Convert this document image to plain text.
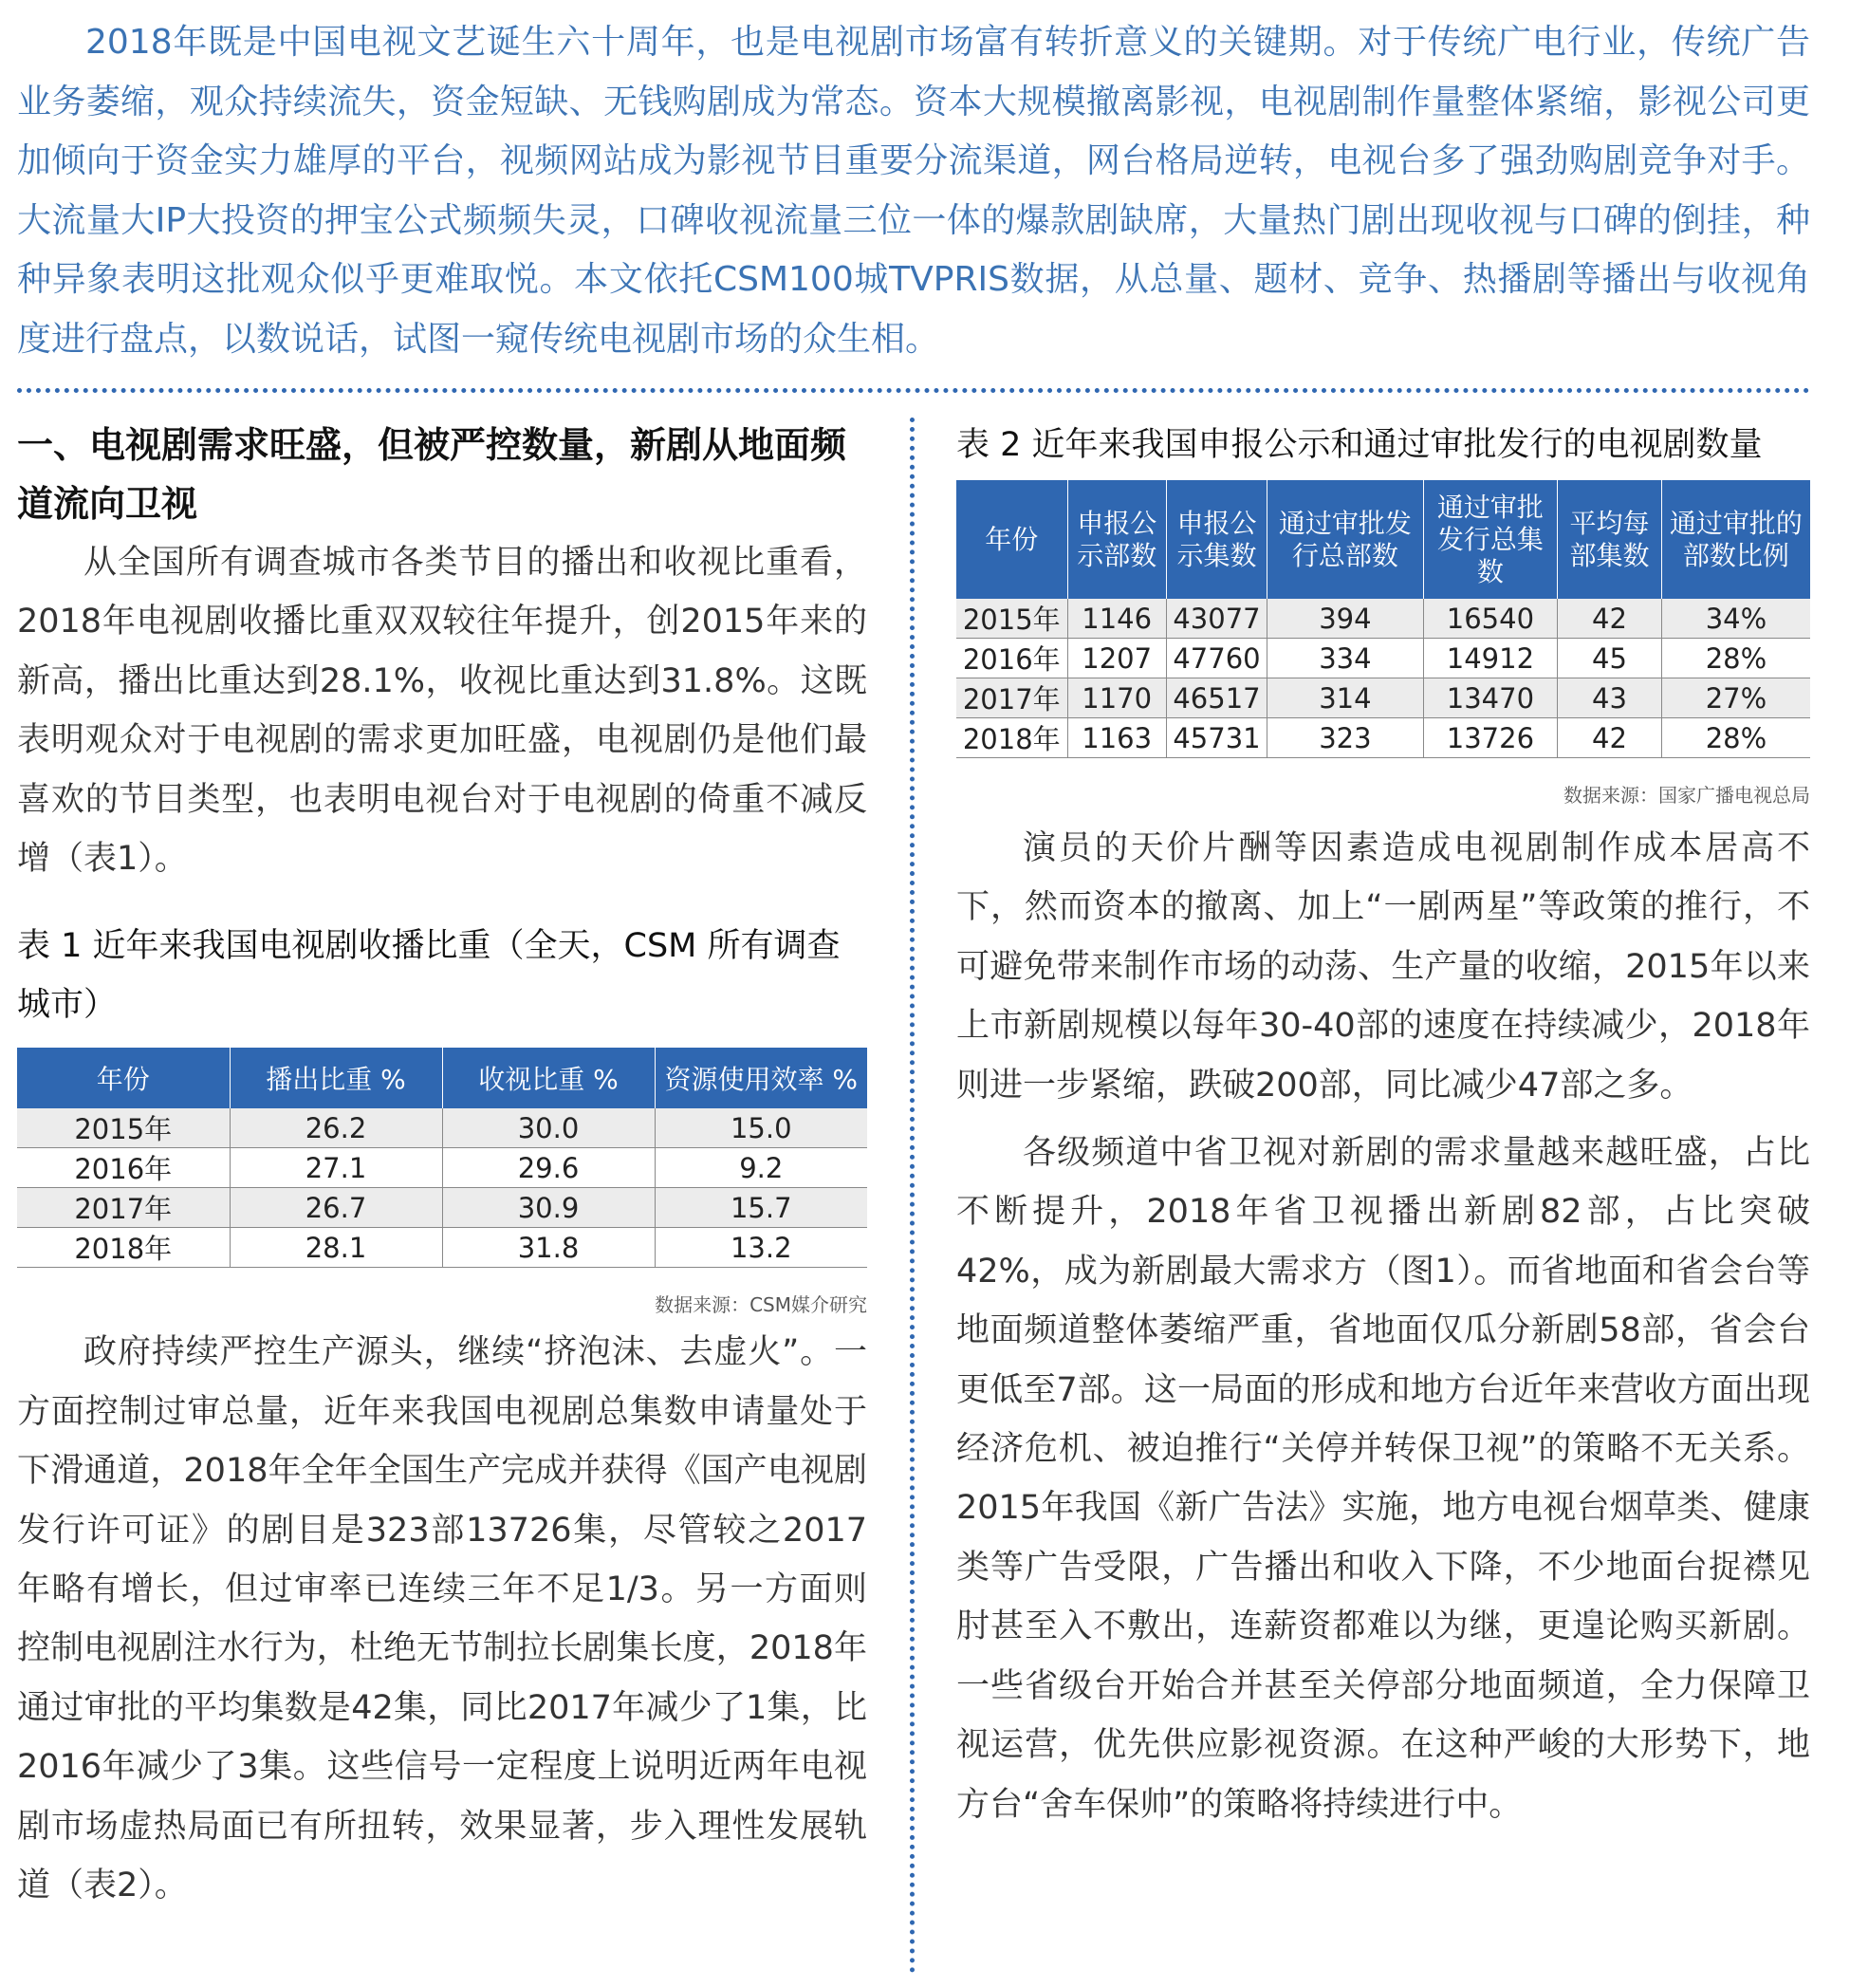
2018年既是中国电视文艺诞生六十周年，也是电视剧市场富有转折意义的关键期。对于传统广电行业，传统广告业务萎缩，观众持续流失，资金短缺、无钱购剧成为常态。资本大规模撤离影视，电视剧制作量整体紧缩，影视公司更加倾向于资金实力雄厚的平台，视频网站成为影视节目重要分流渠道，网台格局逆转，电视台多了强劲购剧竞争对手。大流量大IP大投资的押宝公式频频失灵，口碑收视流量三位一体的爆款剧缺席，大量热门剧出现收视与口碑的倒挂，种种异象表明这批观众似乎更难取悦。本文依托CSM100城TVPRIS数据，从总量、题材、竞争、热播剧等播出与收视角度进行盘点，以数说话，试图一窥传统电视剧市场的众生相。

一、电视剧需求旺盛，但被严控数量，新剧从地面频道流向卫视

从全国所有调查城市各类节目的播出和收视比重看，2018年电视剧收播比重双双较往年提升，创2015年来的新高，播出比重达到28.1%，收视比重达到31.8%。这既表明观众对于电视剧的需求更加旺盛，电视剧仍是他们最喜欢的节目类型，也表明电视台对于电视剧的倚重不减反增（表1）。

表 1 近年来我国电视剧收播比重（全天，CSM 所有调查城市）

年份	播出比重 %	收视比重 %	资源使用效率 %
2015年	26.2	30.0	15.0
2016年	27.1	29.6	9.2
2017年	26.7	30.9	15.7
2018年	28.1	31.8	13.2

数据来源：CSM媒介研究

政府持续严控生产源头，继续“挤泡沫、去虚火”。一方面控制过审总量，近年来我国电视剧总集数申请量处于下滑通道，2018年全年全国生产完成并获得《国产电视剧发行许可证》的剧目是323部13726集，尽管较之2017年略有增长，但过审率已连续三年不足1/3。另一方面则控制电视剧注水行为，杜绝无节制拉长剧集长度，2018年通过审批的平均集数是42集，同比2017年减少了1集，比2016年减少了3集。这些信号一定程度上说明近两年电视剧市场虚热局面已有所扭转，效果显著，步入理性发展轨道（表2）。

表 2 近年来我国申报公示和通过审批发行的电视剧数量

年份	申报公示部数	申报公示集数	通过审批发行总部数	通过审批发行总集数	平均每部集数	通过审批的部数比例
2015年	1146	43077	394	16540	42	34%
2016年	1207	47760	334	14912	45	28%
2017年	1170	46517	314	13470	43	27%
2018年	1163	45731	323	13726	42	28%

数据来源：国家广播电视总局

演员的天价片酬等因素造成电视剧制作成本居高不下，然而资本的撤离、加上“一剧两星”等政策的推行，不可避免带来制作市场的动荡、生产量的收缩，2015年以来上市新剧规模以每年30-40部的速度在持续减少，2018年则进一步紧缩，跌破200部，同比减少47部之多。

各级频道中省卫视对新剧的需求量越来越旺盛，占比不断提升，2018年省卫视播出新剧82部，占比突破42%，成为新剧最大需求方（图1）。而省地面和省会台等地面频道整体萎缩严重，省地面仅瓜分新剧58部，省会台更低至7部。这一局面的形成和地方台近年来营收方面出现经济危机、被迫推行“关停并转保卫视”的策略不无关系。2015年我国《新广告法》实施，地方电视台烟草类、健康类等广告受限，广告播出和收入下降，不少地面台捉襟见肘甚至入不敷出，连薪资都难以为继，更遑论购买新剧。一些省级台开始合并甚至关停部分地面频道，全力保障卫视运营，优先供应影视资源。在这种严峻的大形势下，地方台“舍车保帅”的策略将持续进行中。
